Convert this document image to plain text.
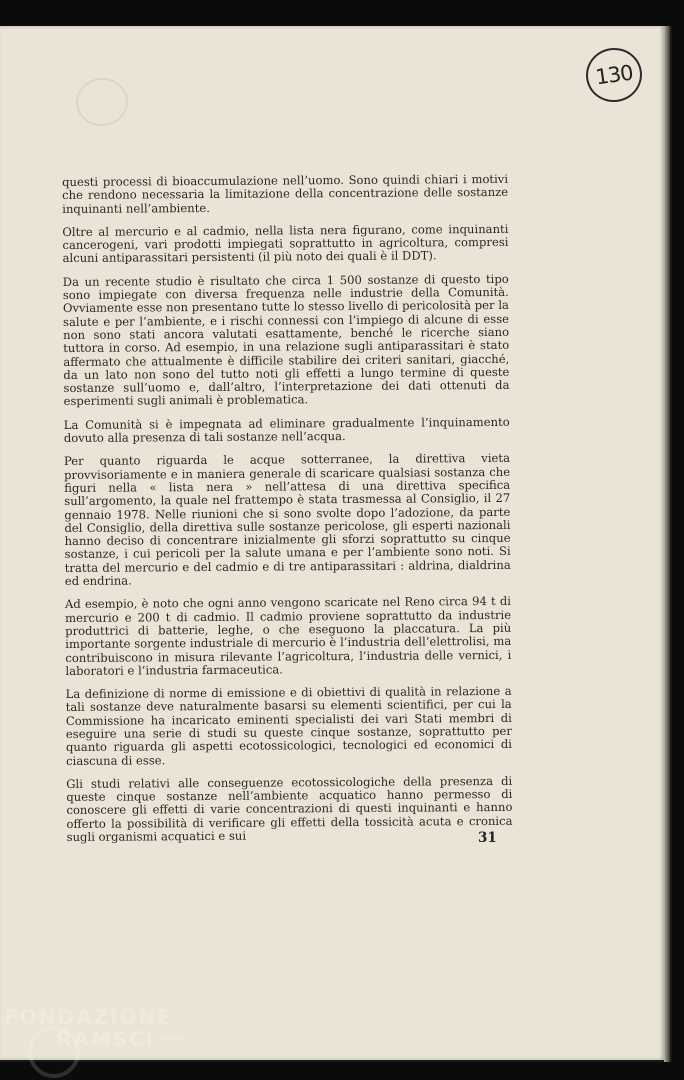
130

questi processi di bioaccumulazione nell’uomo. Sono quindi chiari i motivi che rendono necessaria la limitazione della concentrazione delle sostanze inquinanti nell’ambiente.

Oltre al mercurio e al cadmio, nella lista nera figurano, come inquinanti cancerogeni, vari prodotti impiegati soprattutto in agricoltura, compresi alcuni antiparassitari persistenti (il più noto dei quali è il DDT).

Da un recente studio è risultato che circa 1 500 sostanze di questo tipo sono impiegate con diversa frequenza nelle industrie della Comunità. Ovviamente esse non presentano tutte lo stesso livello di pericolosità per la salute e per l’ambiente, e i rischi connessi con l’impiego di alcune di esse non sono stati ancora valutati esattamente, benché le ricerche siano tuttora in corso. Ad esempio, in una relazione sugli antiparassitari è stato affermato che attualmente è difficile stabilire dei criteri sanitari, giacché, da un lato non sono del tutto noti gli effetti a lungo termine di queste sostanze sull’uomo e, dall’altro, l’interpretazione dei dati ottenuti da esperimenti sugli animali è problematica.

La Comunità si è impegnata ad eliminare gradualmente l’inquinamento dovuto alla presenza di tali sostanze nell’acqua.

Per quanto riguarda le acque sotterranee, la direttiva vieta provvisoriamente e in maniera generale di scaricare qualsiasi sostanza che figuri nella « lista nera » nell’attesa di una direttiva specifica sull’argomento, la quale nel frattempo è stata trasmessa al Consiglio, il 27 gennaio 1978. Nelle riunioni che si sono svolte dopo l’adozione, da parte del Consiglio, della direttiva sulle sostanze pericolose, gli esperti nazionali hanno deciso di concentrare inizialmente gli sforzi soprattutto su cinque sostanze, i cui pericoli per la salute umana e per l’ambiente sono noti. Si tratta del mercurio e del cadmio e di tre antiparassitari : aldrina, dialdrina ed endrina.

Ad esempio, è noto che ogni anno vengono scaricate nel Reno circa 94 t di mercurio e 200 t di cadmio. Il cadmio proviene soprattutto da industrie produttrici di batterie, leghe, o che eseguono la placcatura. La più importante sorgente industriale di mercurio è l’industria dell’elettrolisi, ma contribuiscono in misura rilevante l’agricoltura, l’industria delle vernici, i laboratori e l’industria farmaceutica.

La definizione di norme di emissione e di obiettivi di qualità in relazione a tali sostanze deve naturalmente basarsi su elementi scientifici, per cui la Commissione ha incaricato eminenti specialisti dei vari Stati membri di eseguire una serie di studi su queste cinque sostanze, soprattutto per quanto riguarda gli aspetti ecotossicologici, tecnologici ed economici di ciascuna di esse.

Gli studi relativi alle conseguenze ecotossicologiche della presenza di queste cinque sostanze nell’ambiente acquatico hanno permesso di conoscere gli effetti di varie concentrazioni di questi inquinanti e hanno offerto la possibilità di verificare gli effetti della tossicità acuta e cronica sugli organismi acquatici e sui	31
FONDAZIONE
RAMSCI onlus
